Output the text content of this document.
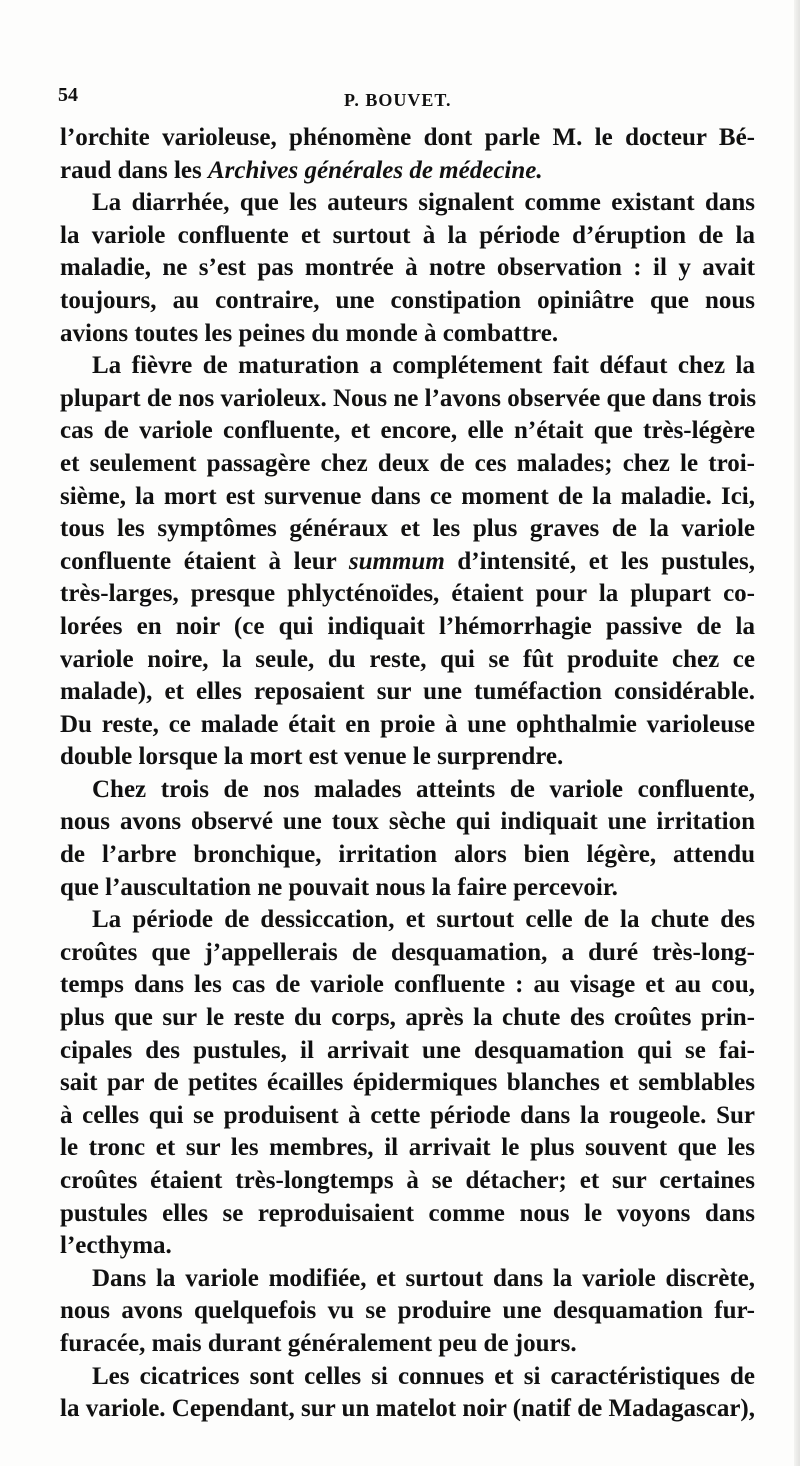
54	P. BOUVET.
l’orchite varioleuse, phénomène dont parle M. le docteur Bé-
raud dans les Archives générales de médecine.
La diarrhée, que les auteurs signalent comme existant dans
la variole confluente et surtout à la période d’éruption de la
maladie, ne s’est pas montrée à notre observation : il y avait
toujours, au contraire, une constipation opiniâtre que nous
avions toutes les peines du monde à combattre.
La fièvre de maturation a complétement fait défaut chez la
plupart de nos varioleux. Nous ne l’avons observée que dans trois
cas de variole confluente, et encore, elle n’était que très-légère
et seulement passagère chez deux de ces malades; chez le troi-
sième, la mort est survenue dans ce moment de la maladie. Ici,
tous les symptômes généraux et les plus graves de la variole
confluente étaient à leur summum d’intensité, et les pustules,
très-larges, presque phlycténoïdes, étaient pour la plupart co-
lorées en noir (ce qui indiquait l’hémorrhagie passive de la
variole noire, la seule, du reste, qui se fût produite chez ce
malade), et elles reposaient sur une tuméfaction considérable.
Du reste, ce malade était en proie à une ophthalmie varioleuse
double lorsque la mort est venue le surprendre.
Chez trois de nos malades atteints de variole confluente,
nous avons observé une toux sèche qui indiquait une irritation
de l’arbre bronchique, irritation alors bien légère, attendu
que l’auscultation ne pouvait nous la faire percevoir.
La période de dessiccation, et surtout celle de la chute des
croûtes que j’appellerais de desquamation, a duré très-long-
temps dans les cas de variole confluente : au visage et au cou,
plus que sur le reste du corps, après la chute des croûtes prin-
cipales des pustules, il arrivait une desquamation qui se fai-
sait par de petites écailles épidermiques blanches et semblables
à celles qui se produisent à cette période dans la rougeole. Sur
le tronc et sur les membres, il arrivait le plus souvent que les
croûtes étaient très-longtemps à se détacher; et sur certaines
pustules elles se reproduisaient comme nous le voyons dans
l’ecthyma.
Dans la variole modifiée, et surtout dans la variole discrète,
nous avons quelquefois vu se produire une desquamation fur-
furacée, mais durant généralement peu de jours.
Les cicatrices sont celles si connues et si caractéristiques de
la variole. Cependant, sur un matelot noir (natif de Madagascar),
